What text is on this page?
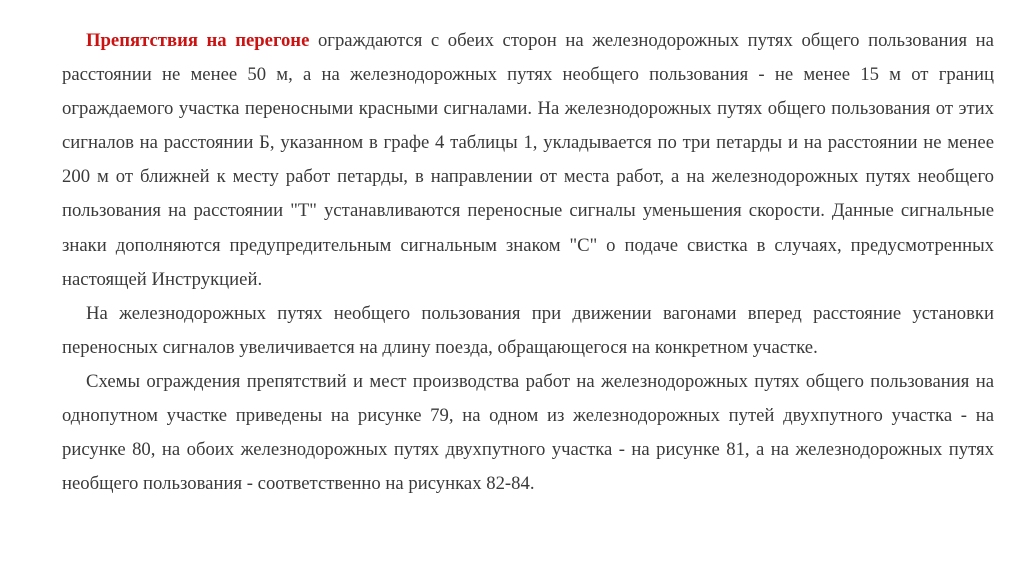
Препятствия на перегоне ограждаются с обеих сторон на железнодорожных путях общего пользования на расстоянии не менее 50 м, а на железнодорожных путях необщего пользования - не менее 15 м от границ ограждаемого участка переносными красными сигналами. На железнодорожных путях общего пользования от этих сигналов на расстоянии Б, указанном в графе 4 таблицы 1, укладывается по три петарды и на расстоянии не менее 200 м от ближней к месту работ петарды, в направлении от места работ, а на железнодорожных путях необщего пользования на расстоянии "Т" устанавливаются переносные сигналы уменьшения скорости. Данные сигнальные знаки дополняются предупредительным сигнальным знаком "С" о подаче свистка в случаях, предусмотренных настоящей Инструкцией.

На железнодорожных путях необщего пользования при движении вагонами вперед расстояние установки переносных сигналов увеличивается на длину поезда, обращающегося на конкретном участке.

Схемы ограждения препятствий и мест производства работ на железнодорожных путях общего пользования на однопутном участке приведены на рисунке 79, на одном из железнодорожных путей двухпутного участка - на рисунке 80, на обоих железнодорожных путях двухпутного участка - на рисунке 81, а на железнодорожных путях необщего пользования - соответственно на рисунках 82-84.
